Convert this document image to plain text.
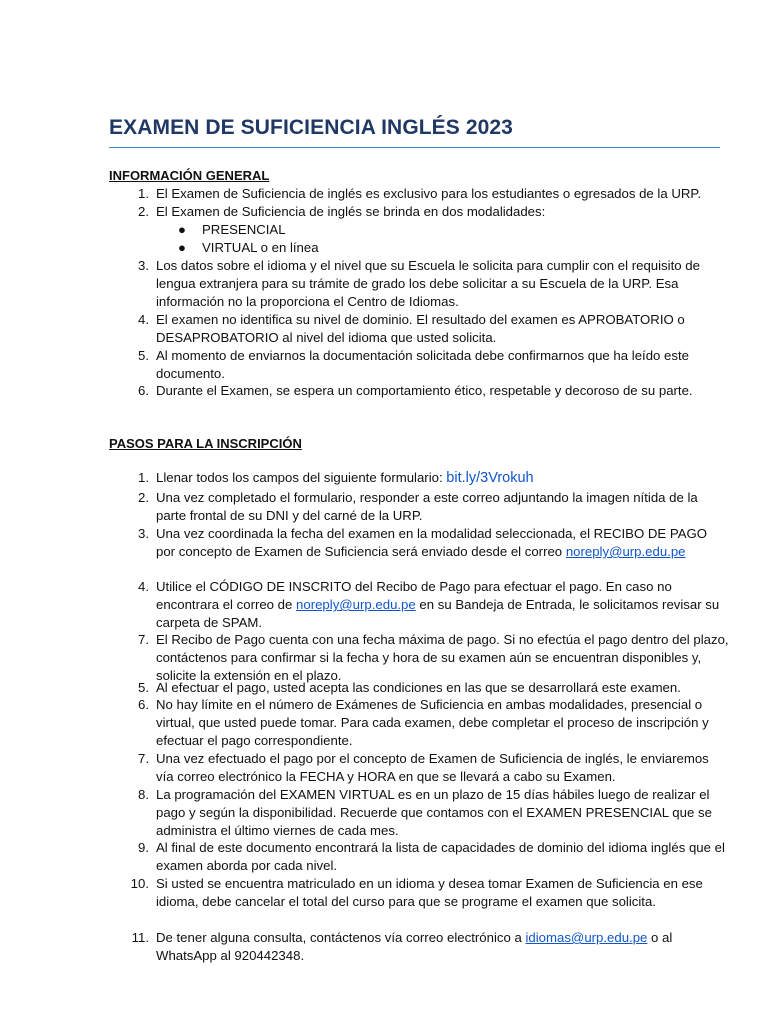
EXAMEN DE SUFICIENCIA INGLÉS 2023
INFORMACIÓN GENERAL
1. El Examen de Suficiencia de inglés es exclusivo para los estudiantes o egresados de la URP.
2. El Examen de Suficiencia de inglés se brinda en dos modalidades:
● PRESENCIAL
● VIRTUAL o en línea
3. Los datos sobre el idioma y el nivel que su Escuela le solicita para cumplir con el requisito de lengua extranjera para su trámite de grado los debe solicitar a su Escuela de la URP. Esa información no la proporciona el Centro de Idiomas.
4. El examen no identifica su nivel de dominio. El resultado del examen es APROBATORIO o DESAPROBATORIO al nivel del idioma que usted solicita.
5. Al momento de enviarnos la documentación solicitada debe confirmarnos que ha leído este documento.
6. Durante el Examen, se espera un comportamiento ético, respetable y decoroso de su parte.
PASOS PARA LA INSCRIPCIÓN
1. Llenar todos los campos del siguiente formulario: bit.ly/3Vrokuh
2. Una vez completado el formulario, responder a este correo adjuntando la imagen nítida de la parte frontal de su DNI y del carné de la URP.
3. Una vez coordinada la fecha del examen en la modalidad seleccionada, el RECIBO DE PAGO por concepto de Examen de Suficiencia será enviado desde el correo noreply@urp.edu.pe
4. Utilice el CÓDIGO DE INSCRITO del Recibo de Pago para efectuar el pago. En caso no encontrara el correo de noreply@urp.edu.pe en su Bandeja de Entrada, le solicitamos revisar su carpeta de SPAM.
7. El Recibo de Pago cuenta con una fecha máxima de pago. Si no efectúa el pago dentro del plazo, contáctenos para confirmar si la fecha y hora de su examen aún se encuentran disponibles y, solicite la extensión en el plazo.
5. Al efectuar el pago, usted acepta las condiciones en las que se desarrollará este examen.
6. No hay límite en el número de Exámenes de Suficiencia en ambas modalidades, presencial o virtual, que usted puede tomar. Para cada examen, debe completar el proceso de inscripción y efectuar el pago correspondiente.
7. Una vez efectuado el pago por el concepto de Examen de Suficiencia de inglés, le enviaremos vía correo electrónico la FECHA y HORA en que se llevará a cabo su Examen.
8. La programación del EXAMEN VIRTUAL es en un plazo de 15 días hábiles luego de realizar el pago y según la disponibilidad. Recuerde que contamos con el EXAMEN PRESENCIAL que se administra el último viernes de cada mes.
9. Al final de este documento encontrará la lista de capacidades de dominio del idioma inglés que el examen aborda por cada nivel.
10. Si usted se encuentra matriculado en un idioma y desea tomar Examen de Suficiencia en ese idioma, debe cancelar el total del curso para que se programe el examen que solicita.
11. De tener alguna consulta, contáctenos vía correo electrónico a idiomas@urp.edu.pe o al WhatsApp al 920442348.
